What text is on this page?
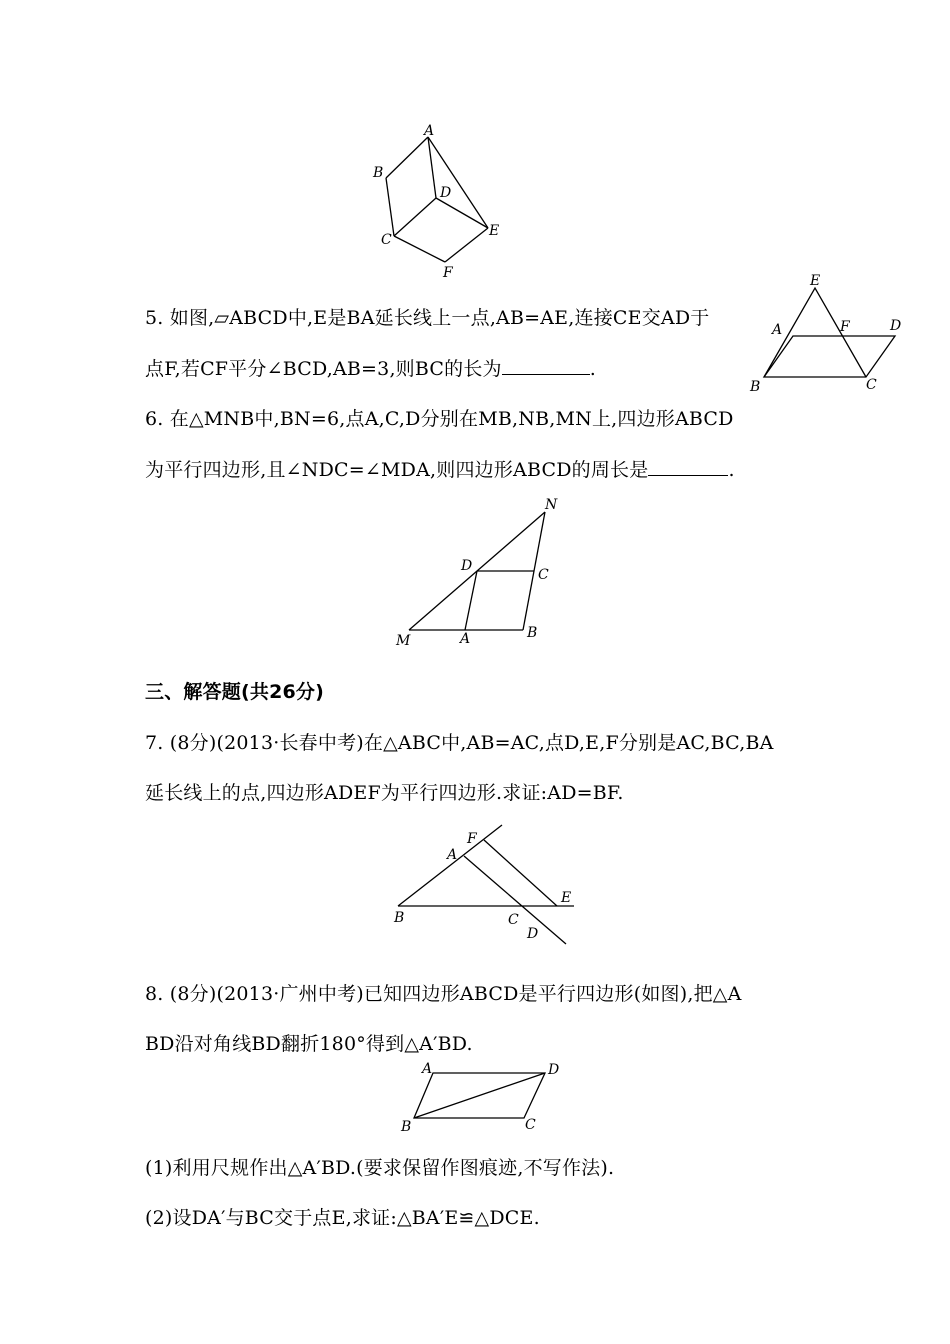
A
B
C
D
E
F
5. 如图,▱ABCD中,E是BA延长线上一点,AB=AE,连接CE交AD于
点F,若CF平分∠BCD,AB=3,则BC的长为	.
E
A	F	D
B	C
6. 在△MNB中,BN=6,点A,C,D分别在MB,NB,MN上,四边形ABCD
为平行四边形,且∠NDC=∠MDA,则四边形ABCD的周长是	.
N
D
C
M	A	B
三、解答题(共26分)
7. (8分)(2013·长春中考)在△ABC中,AB=AC,点D,E,F分别是AC,BC,BA
延长线上的点,四边形ADEF为平行四边形.求证:AD=BF.
F
A
E
B	C
D
8. (8分)(2013·广州中考)已知四边形ABCD是平行四边形(如图),把△A
BD沿对角线BD翻折180°得到△A′BD.
A	D
B	C
(1)利用尺规作出△A′BD.(要求保留作图痕迹,不写作法).
(2)设DA′与BC交于点E,求证:△BA′E≌△DCE.
